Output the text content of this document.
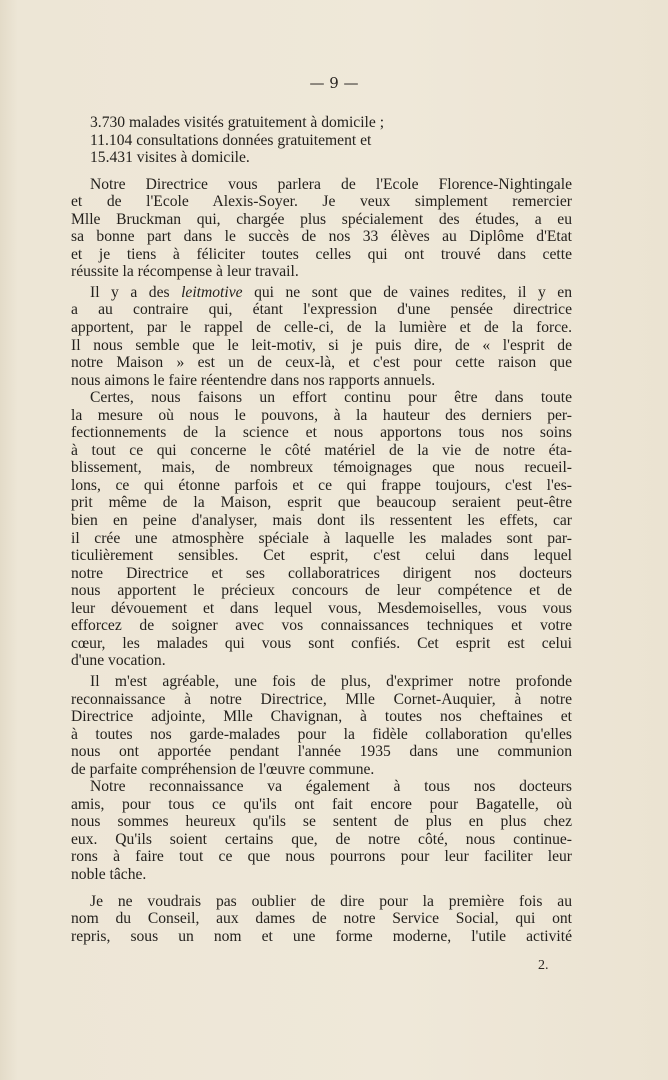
— 9 —
3.730 malades visités gratuitement à domicile ;
11.104 consultations données gratuitement et
15.431 visites à domicile.
Notre Directrice vous parlera de l'Ecole Florence-Nightingale
et de l'Ecole Alexis-Soyer. Je veux simplement remercier
Mlle Bruckman qui, chargée plus spécialement des études, a eu
sa bonne part dans le succès de nos 33 élèves au Diplôme d'Etat
et je tiens à féliciter toutes celles qui ont trouvé dans cette
réussite la récompense à leur travail.
Il y a des leitmotive qui ne sont que de vaines redites, il y en
a au contraire qui, étant l'expression d'une pensée directrice
apportent, par le rappel de celle-ci, de la lumière et de la force.
Il nous semble que le leit-motiv, si je puis dire, de « l'esprit de
notre Maison » est un de ceux-là, et c'est pour cette raison que
nous aimons le faire réentendre dans nos rapports annuels.
Certes, nous faisons un effort continu pour être dans toute
la mesure où nous le pouvons, à la hauteur des derniers per-
fectionnements de la science et nous apportons tous nos soins
à tout ce qui concerne le côté matériel de la vie de notre éta-
blissement, mais, de nombreux témoignages que nous recueil-
lons, ce qui étonne parfois et ce qui frappe toujours, c'est l'es-
prit même de la Maison, esprit que beaucoup seraient peut-être
bien en peine d'analyser, mais dont ils ressentent les effets, car
il crée une atmosphère spéciale à laquelle les malades sont par-
ticulièrement sensibles. Cet esprit, c'est celui dans lequel
notre Directrice et ses collaboratrices dirigent nos docteurs
nous apportent le précieux concours de leur compétence et de
leur dévouement et dans lequel vous, Mesdemoiselles, vous vous
efforcez de soigner avec vos connaissances techniques et votre
cœur, les malades qui vous sont confiés. Cet esprit est celui
d'une vocation.
Il m'est agréable, une fois de plus, d'exprimer notre profonde
reconnaissance à notre Directrice, Mlle Cornet-Auquier, à notre
Directrice adjointe, Mlle Chavignan, à toutes nos cheftaines et
à toutes nos garde-malades pour la fidèle collaboration qu'elles
nous ont apportée pendant l'année 1935 dans une communion
de parfaite compréhension de l'œuvre commune.
Notre reconnaissance va également à tous nos docteurs
amis, pour tous ce qu'ils ont fait encore pour Bagatelle, où
nous sommes heureux qu'ils se sentent de plus en plus chez
eux. Qu'ils soient certains que, de notre côté, nous continue-
rons à faire tout ce que nous pourrons pour leur faciliter leur
noble tâche.
Je ne voudrais pas oublier de dire pour la première fois au
nom du Conseil, aux dames de notre Service Social, qui ont
repris, sous un nom et une forme moderne, l'utile activité
2.
